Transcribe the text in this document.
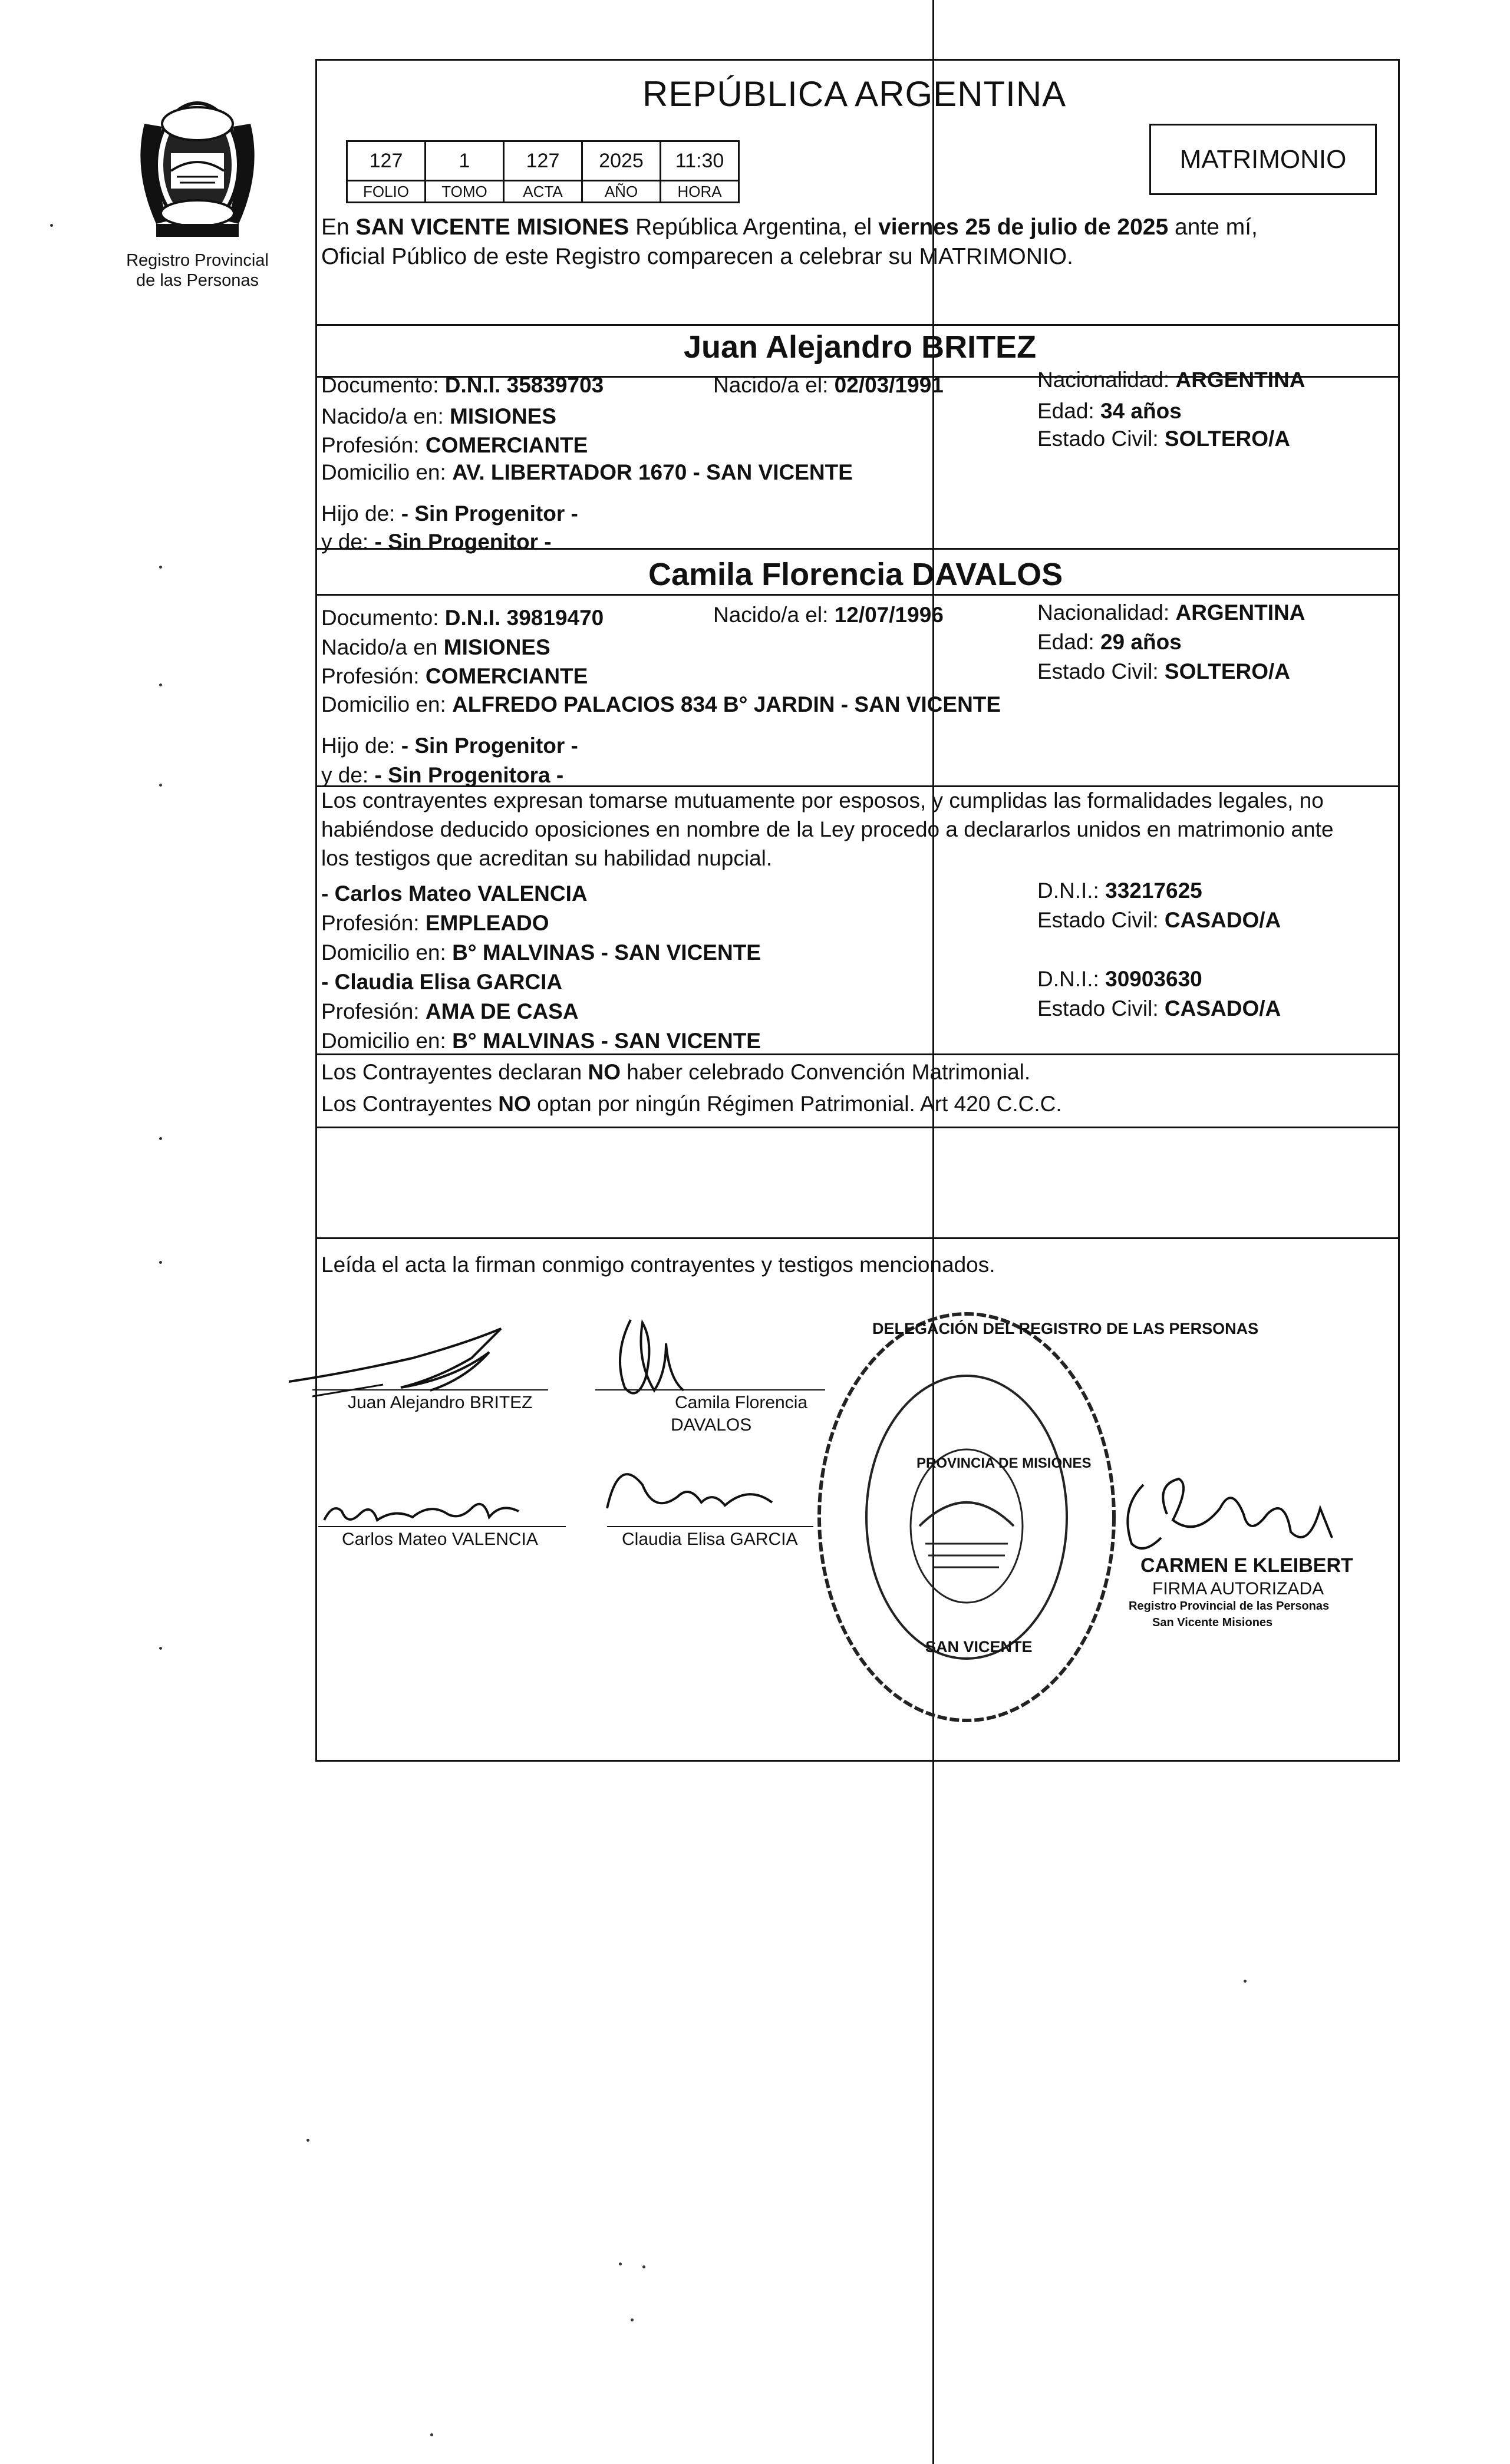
Registro Provincial
de las Personas
REPÚBLICA ARGENTINA
127	1	127	2025	11:30
FOLIO	TOMO	ACTA	AÑO	HORA
MATRIMONIO
En SAN VICENTE MISIONES República Argentina, el viernes 25 de julio de 2025 ante mí,
Oficial Público de este Registro comparecen a celebrar su MATRIMONIO.
Juan Alejandro BRITEZ
Documento: D.N.I. 35839703	Nacido/a el: 02/03/1991	Nacionalidad: ARGENTINA
Nacido/a en: MISIONES	Edad: 34 años
Profesión: COMERCIANTE	Estado Civil: SOLTERO/A
Domicilio en: AV. LIBERTADOR 1670 - SAN VICENTE
Hijo de: - Sin Progenitor -
y de: - Sin Progenitor -
Camila Florencia DAVALOS
Documento: D.N.I. 39819470	Nacido/a el: 12/07/1996	Nacionalidad: ARGENTINA
Nacido/a en MISIONES	Edad: 29 años
Profesión: COMERCIANTE	Estado Civil: SOLTERO/A
Domicilio en: ALFREDO PALACIOS 834 B° JARDIN - SAN VICENTE
Hijo de: - Sin Progenitor -
y de: - Sin Progenitora -
Los contrayentes expresan tomarse mutuamente por esposos, y cumplidas las formalidades legales, no
habiéndose deducido oposiciones en nombre de la Ley procedo a declararlos unidos en matrimonio ante
los testigos que acreditan su habilidad nupcial.
- Carlos Mateo VALENCIA	D.N.I.: 33217625
Profesión: EMPLEADO	Estado Civil: CASADO/A
Domicilio en: B° MALVINAS - SAN VICENTE
- Claudia Elisa GARCIA	D.N.I.: 30903630
Profesión: AMA DE CASA	Estado Civil: CASADO/A
Domicilio en: B° MALVINAS - SAN VICENTE
Los Contrayentes declaran NO haber celebrado Convención Matrimonial.
Los Contrayentes NO optan por ningún Régimen Patrimonial. Art 420 C.C.C.
Leída el acta la firman conmigo contrayentes y testigos mencionados.
Juan Alejandro BRITEZ	Camila Florencia
DAVALOS
Carlos Mateo VALENCIA	Claudia Elisa GARCIA
DELEGACIÓN DEL REGISTRO DE LAS PERSONAS
PROVINCIA DE MISIONES
SAN VICENTE
CARMEN E KLEIBERT
FIRMA AUTORIZADA
Registro Provincial de las Personas
San Vicente Misiones
